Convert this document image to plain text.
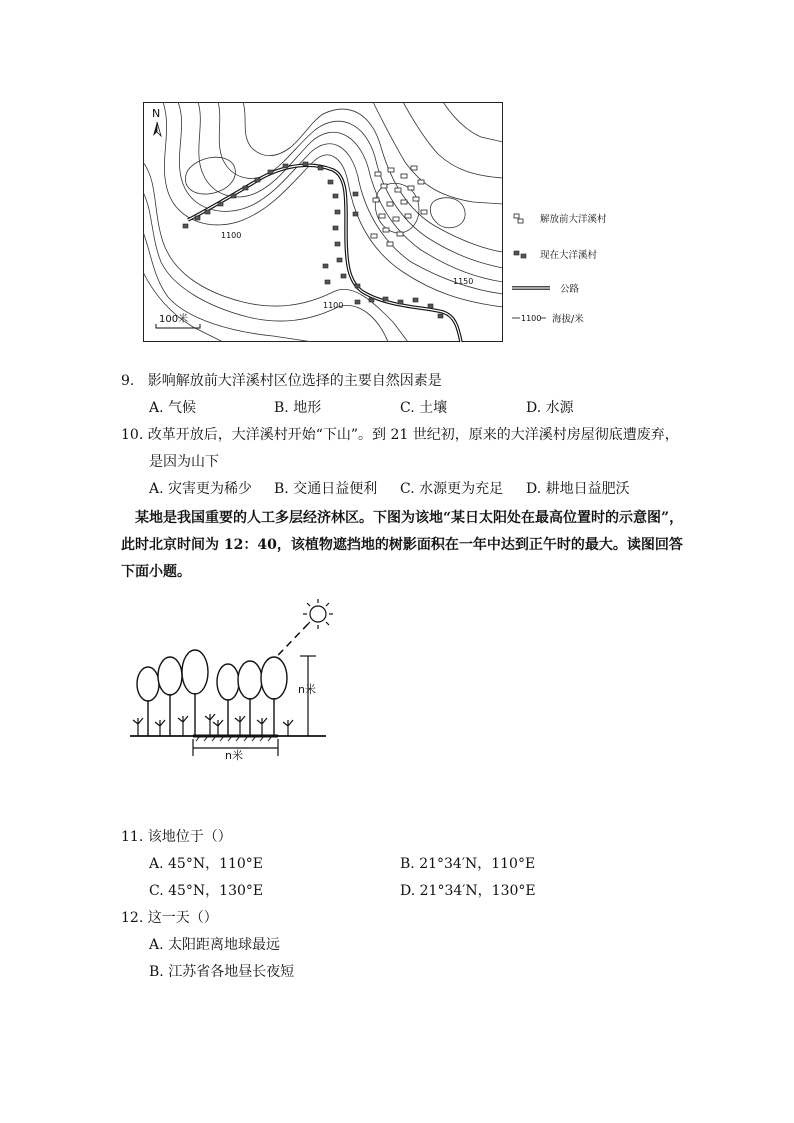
N
1100
1150
1100
100米
解放前大洋溪村
现在大洋溪村
公路
1100 海拔/米
9. 影响解放前大洋溪村区位选择的主要自然因素是
A. 气候	B. 地形	C. 土壤	D. 水源
10. 改革开放后，大洋溪村开始“下山”。到 21 世纪初，原来的大洋溪村房屋彻底遭废弃，
是因为山下
A. 灾害更为稀少 B. 交通日益便利 C. 水源更为充足 D. 耕地日益肥沃
某地是我国重要的人工多层经济林区。下图为该地“某日太阳处在最高位置时的示意图”，
此时北京时间为 12：40，该植物遮挡地的树影面积在一年中达到正午时的最大。读图回答
下面小题。
n米
n米
11. 该地位于（）
A. 45°N，110°E	B. 21°34′N，110°E
C. 45°N，130°E	D. 21°34′N，130°E
12. 这一天（）
A. 太阳距离地球最远
B. 江苏省各地昼长夜短
